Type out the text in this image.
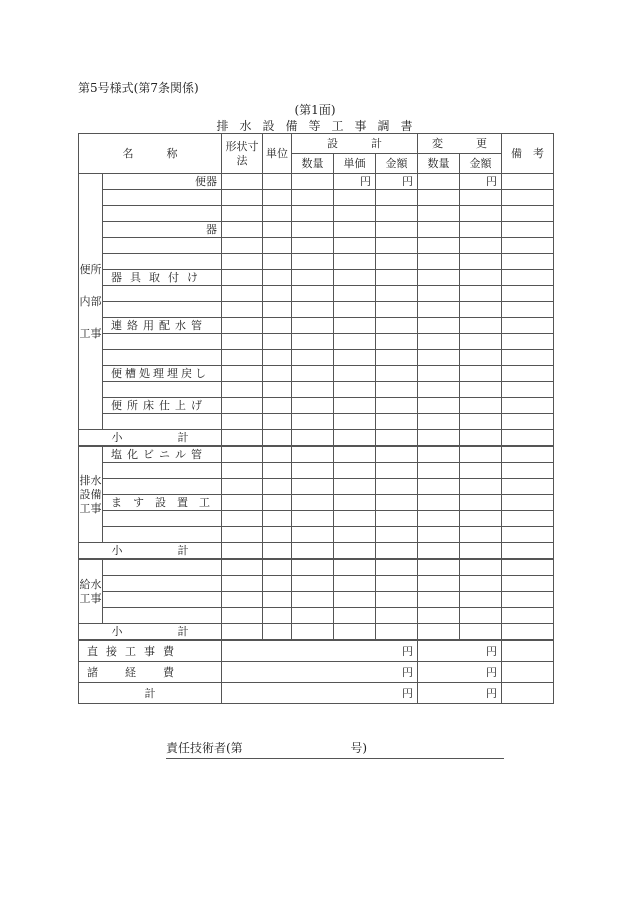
第5号様式(第7条関係)
(第1面)
排水設備等工事調書
名　　　称		形状寸法	単位	設　　　計			変　　　更		備　考
				数量	単価	金額	数量	金額	
便所内部工事	便器				円	円		円	

	器								

	器具取付け								

	連絡用配水管								

	便槽処理埋戻し								

	便所床仕上げ								

小　　　　　計									
排水設備工事	塩化ビニル管								

	ます設置工								

小　　　　　計									
給水工事									

小　　　　　計									
直接工事費		円					円		
諸　経　費		円					円		
計		円					円		
責任技術者(第	号)
